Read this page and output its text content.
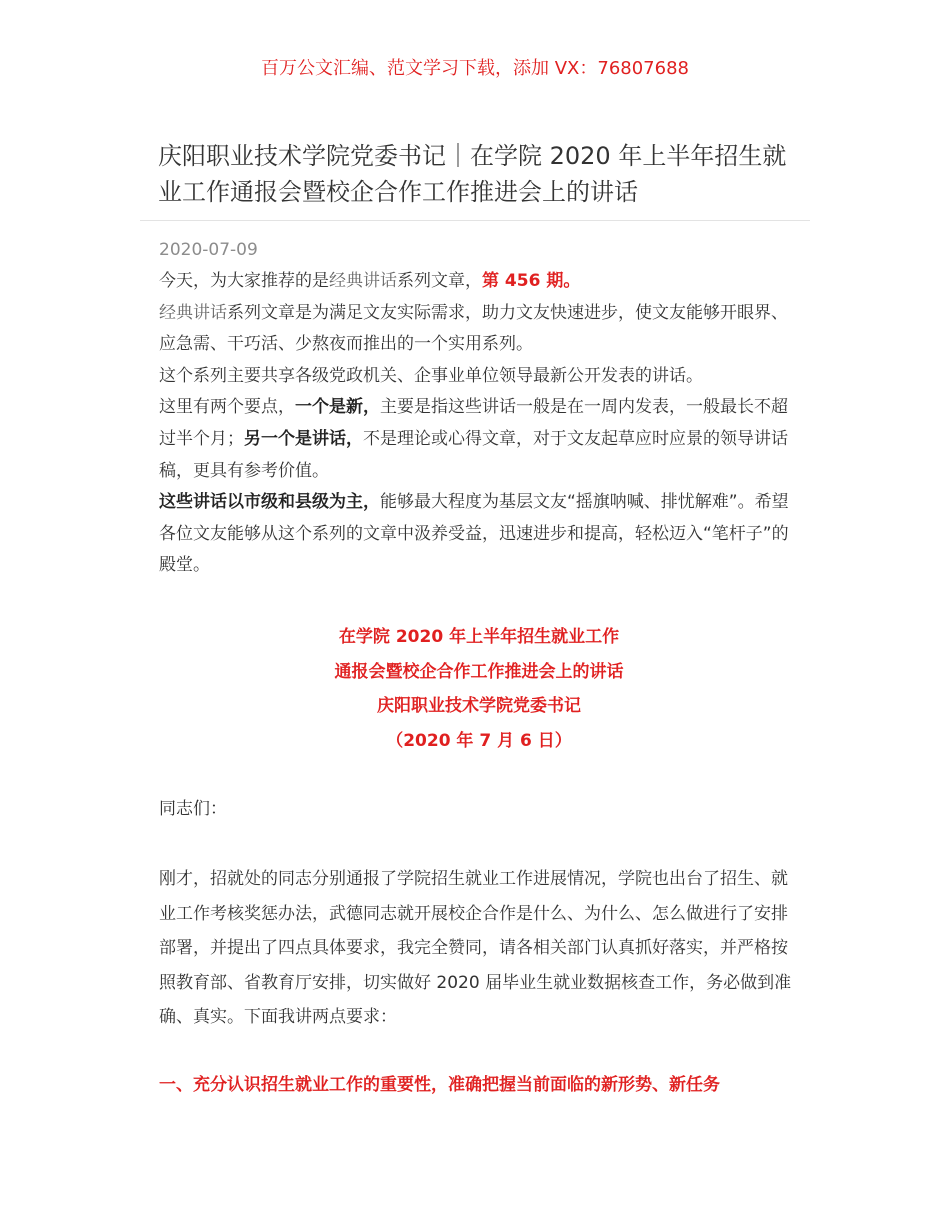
百万公文汇编、范文学习下载，添加 VX：76807688
庆阳职业技术学院党委书记｜在学院 2020 年上半年招生就业工作通报会暨校企合作工作推进会上的讲话
2020-07-09

今天，为大家推荐的是经典讲话系列文章，第 456 期。

经典讲话系列文章是为满足文友实际需求，助力文友快速进步，使文友能够开眼界、应急需、干巧活、少熬夜而推出的一个实用系列。

这个系列主要共享各级党政机关、企事业单位领导最新公开发表的讲话。

这里有两个要点，一个是新，主要是指这些讲话一般是在一周内发表，一般最长不超过半个月；另一个是讲话，不是理论或心得文章，对于文友起草应时应景的领导讲话稿，更具有参考价值。

这些讲话以市级和县级为主，能够最大程度为基层文友“摇旗呐喊、排忧解难”。希望各位文友能够从这个系列的文章中汲养受益，迅速进步和提高，轻松迈入“笔杆子”的殿堂。

在学院 2020 年上半年招生就业工作
通报会暨校企合作工作推进会上的讲话
庆阳职业技术学院党委书记
（2020 年 7 月 6 日）
同志们：

刚才，招就处的同志分别通报了学院招生就业工作进展情况，学院也出台了招生、就业工作考核奖惩办法，武德同志就开展校企合作是什么、为什么、怎么做进行了安排部署，并提出了四点具体要求，我完全赞同，请各相关部门认真抓好落实，并严格按照教育部、省教育厅安排，切实做好 2020 届毕业生就业数据核查工作，务必做到准确、真实。下面我讲两点要求：

一、充分认识招生就业工作的重要性，准确把握当前面临的新形势、新任务
